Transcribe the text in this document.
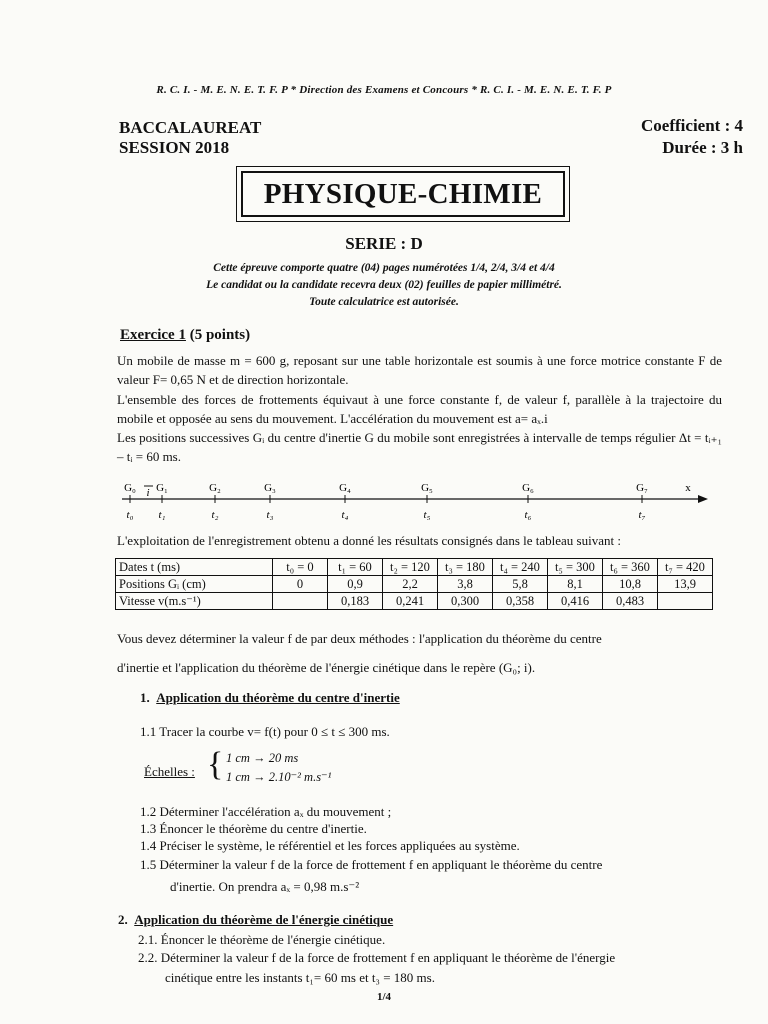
R. C. I. - M. E. N. E. T. F. P * Direction des Examens et Concours * R. C. I. - M. E. N. E. T. F. P
BACCALAUREAT
SESSION 2018
Coefficient : 4
Durée : 3 h
PHYSIQUE-CHIMIE
SERIE : D
Cette épreuve comporte quatre (04) pages numérotées 1/4, 2/4, 3/4 et 4/4
Le candidat ou la candidate recevra deux (02) feuilles de papier millimétré.
Toute calculatrice est autorisée.
Exercice 1 (5 points)
Un mobile de masse m = 600 g, reposant sur une table horizontale est soumis à une force motrice constante F de valeur F= 0,65 N et de direction horizontale.
L'ensemble des forces de frottements équivaut à une force constante f, de valeur f, parallèle à la trajectoire du mobile et opposée au sens du mouvement. L'accélération du mouvement est a= aₓ.i
Les positions successives Gᵢ du centre d'inertie G du mobile sont enregistrées à intervalle de temps régulier Δt = tᵢ₊₁ – tᵢ = 60 ms.
G₀
t₀
G₁
t₁
G₂
t₂
G₃
t₃
G₄
t₄
G₅
t₅
G₆
t₆
G₇
t₇
i	x
L'exploitation de l'enregistrement obtenu a donné les résultats consignés dans le tableau suivant :
Dates t (ms)	t₀ = 0	t₁ = 60	t₂ = 120	t₃ = 180	t₄ = 240	t₅ = 300	t₆ = 360	t₇ = 420
Positions Gᵢ (cm)	0	0,9	2,2	3,8	5,8	8,1	10,8	13,9
Vitesse v(m.s⁻¹)		0,183	0,241	0,300	0,358	0,416	0,483	
Vous devez déterminer la valeur f de par deux méthodes : l'application du théorème du centre
d'inertie et l'application du théorème de l'énergie cinétique dans le repère (G₀; i).
1. Application du théorème du centre d'inertie
1.1 Tracer la courbe v= f(t) pour 0 ≤ t ≤ 300 ms.
Échelles : { 1 cm → 20 ms
1 cm → 2.10⁻² m.s⁻¹
1.2 Déterminer l'accélération aₓ du mouvement ;
1.3 Énoncer le théorème du centre d'inertie.
1.4 Préciser le système, le référentiel et les forces appliquées au système.
1.5 Déterminer la valeur f de la force de frottement f en appliquant le théorème du centre
d'inertie. On prendra aₓ = 0,98 m.s⁻²
2. Application du théorème de l'énergie cinétique
2.1. Énoncer le théorème de l'énergie cinétique.
2.2. Déterminer la valeur f de la force de frottement f en appliquant le théorème de l'énergie
cinétique entre les instants t₁= 60 ms et t₃ = 180 ms.
1/4
